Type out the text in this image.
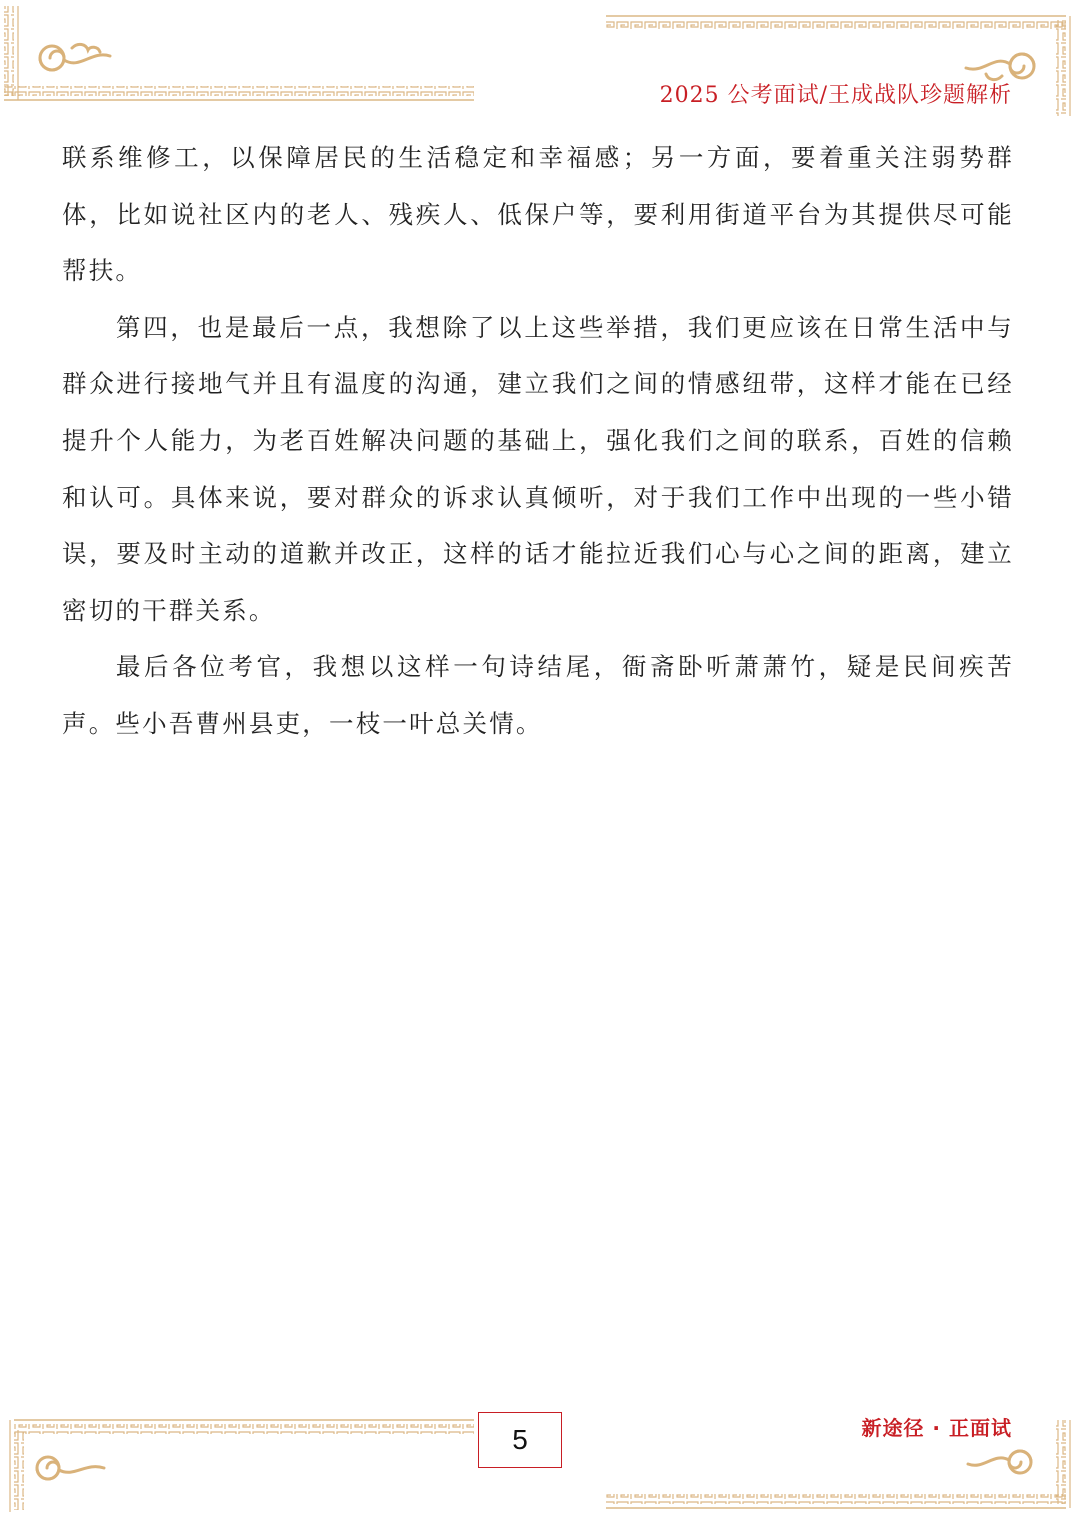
2025 公考面试/王成战队珍题解析

联系维修工，以保障居民的生活稳定和幸福感；另一方面，要着重关注弱势群体，比如说社区内的老人、残疾人、低保户等，要利用街道平台为其提供尽可能帮扶。

第四，也是最后一点，我想除了以上这些举措，我们更应该在日常生活中与群众进行接地气并且有温度的沟通，建立我们之间的情感纽带，这样才能在已经提升个人能力，为老百姓解决问题的基础上，强化我们之间的联系，百姓的信赖和认可。具体来说，要对群众的诉求认真倾听，对于我们工作中出现的一些小错误，要及时主动的道歉并改正，这样的话才能拉近我们心与心之间的距离，建立密切的干群关系。

最后各位考官，我想以这样一句诗结尾，衙斋卧听萧萧竹，疑是民间疾苦声。些小吾曹州县吏，一枝一叶总关情。

5	新途径 · 正面试
